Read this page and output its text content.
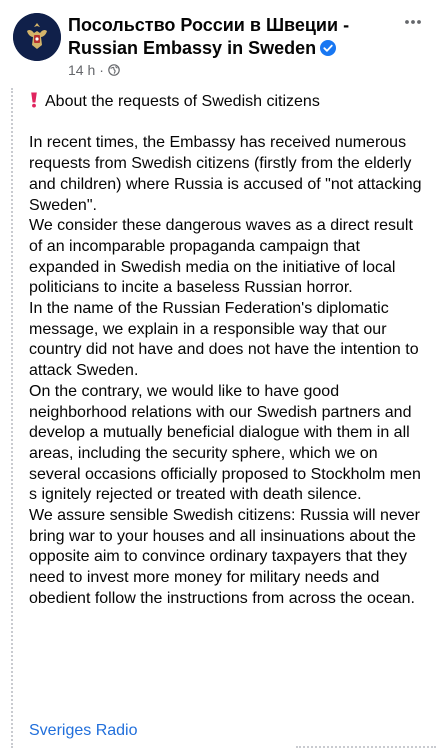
Посольство России в Швеции -
Russian Embassy in Sweden
14 h ·

About the requests of Swedish citizens

In recent times, the Embassy has received numerous requests from Swedish citizens (firstly from the elderly and children) where Russia is accused of "not attacking Sweden".

We consider these dangerous waves as a direct result of an incomparable propaganda campaign that expanded in Swedish media on the initiative of local politicians to incite a baseless Russian horror.

In the name of the Russian Federation's diplomatic message, we explain in a responsible way that our country did not have and does not have the intention to attack Sweden.

On the contrary, we would like to have good neighborhood relations with our Swedish partners and develop a mutually beneficial dialogue with them in all areas, including the security sphere, which we on several occasions officially proposed to Stockholm men s ignitely rejected or treated with death silence.

We assure sensible Swedish citizens: Russia will never bring war to your houses and all insinuations about the opposite aim to convince ordinary taxpayers that they need to invest more money for military needs and obedient follow the instructions from across the ocean.

Sveriges Radio
